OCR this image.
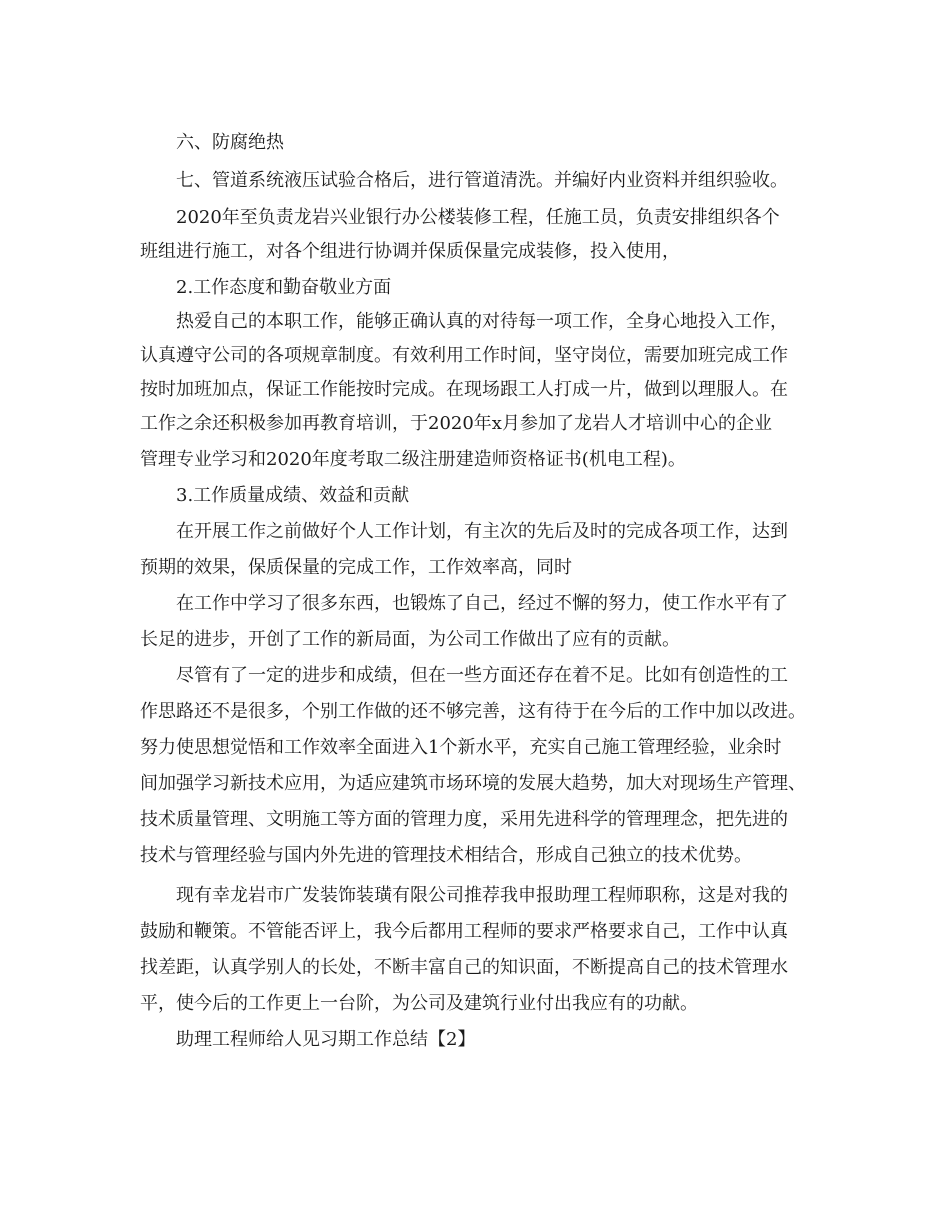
六、防腐绝热
七、管道系统液压试验合格后，进行管道清洗。并编好内业资料并组织验收。
2020年至负责龙岩兴业银行办公楼装修工程，任施工员，负责安排组织各个
班组进行施工，对各个组进行协调并保质保量完成装修，投入使用，
2.工作态度和勤奋敬业方面
热爱自己的本职工作，能够正确认真的对待每一项工作，全身心地投入工作，
认真遵守公司的各项规章制度。有效利用工作时间，坚守岗位，需要加班完成工作
按时加班加点，保证工作能按时完成。在现场跟工人打成一片，做到以理服人。在
工作之余还积极参加再教育培训，于2020年x月参加了龙岩人才培训中心的企业
管理专业学习和2020年度考取二级注册建造师资格证书(机电工程)。
3.工作质量成绩、效益和贡献
在开展工作之前做好个人工作计划，有主次的先后及时的完成各项工作，达到
预期的效果，保质保量的完成工作，工作效率高，同时
在工作中学习了很多东西，也锻炼了自己，经过不懈的努力，使工作水平有了
长足的进步，开创了工作的新局面，为公司工作做出了应有的贡献。
尽管有了一定的进步和成绩，但在一些方面还存在着不足。比如有创造性的工
作思路还不是很多，个别工作做的还不够完善，这有待于在今后的工作中加以改进。
努力使思想觉悟和工作效率全面进入1个新水平，充实自己施工管理经验，业余时
间加强学习新技术应用，为适应建筑市场环境的发展大趋势，加大对现场生产管理、
技术质量管理、文明施工等方面的管理力度，采用先进科学的管理理念，把先进的
技术与管理经验与国内外先进的管理技术相结合，形成自己独立的技术优势。
现有幸龙岩市广发装饰装璜有限公司推荐我申报助理工程师职称，这是对我的
鼓励和鞭策。不管能否评上，我今后都用工程师的要求严格要求自己，工作中认真
找差距，认真学别人的长处，不断丰富自己的知识面，不断提高自己的技术管理水
平，使今后的工作更上一台阶，为公司及建筑行业付出我应有的功献。
助理工程师给人见习期工作总结【2】
